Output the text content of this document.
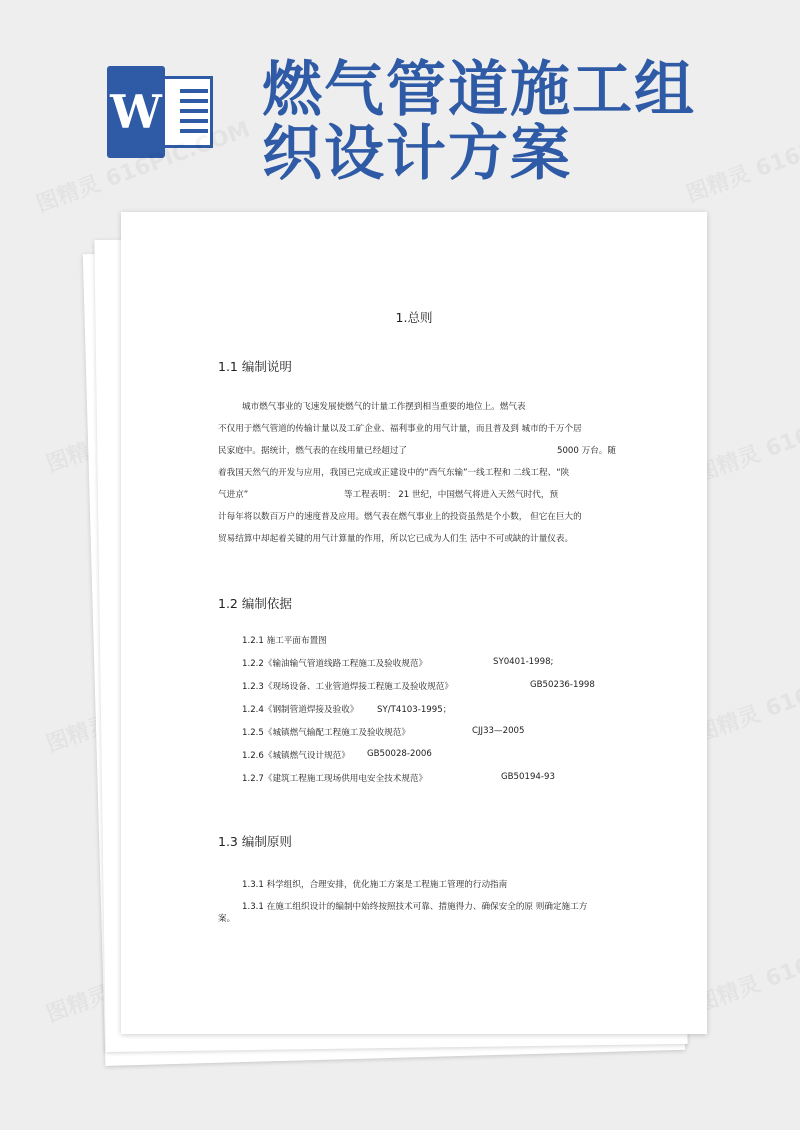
W 燃气管道施工组织设计方案
1.总则
1.1 编制说明
城市燃气事业的飞速发展使燃气的计量工作摆到相当重要的地位上。燃气表
不仅用于燃气管道的传输计量以及工矿企业、福利事业的用气计量，而且普及到 城市的千万个居
民家庭中。据统计，燃气表的在线用量已经超过了	5000 万台。随
着我国天然气的开发与应用，我国已完成或正建设中的“西气东输”一线工程和 二线工程、“陕
气进京”	等工程表明： 21 世纪，中国燃气将进入天然气时代，预
计每年将以数百万户的速度普及应用。燃气表在燃气事业上的投资虽然是个小数， 但它在巨大的
贸易结算中却起着关键的用气计算量的作用，所以它已成为人们生 活中不可或缺的计量仪表。
1.2 编制依据
1.2.1 施工平面布置图
1.2.2《输油输气管道线路工程施工及验收规范》	SY0401-1998;
1.2.3《现场设备、工业管道焊接工程施工及验收规范》	GB50236-1998
1.2.4《钢制管道焊接及验收》 SY/T4103-1995；
1.2.5《城镇燃气输配工程施工及验收规范》	CJJ33—2005
1.2.6《城镇燃气设计规范》 GB50028-2006
1.2.7《建筑工程施工现场供用电安全技术规范》	GB50194-93
1.3 编制原则
1.3.1 科学组织，合理安排，优化施工方案是工程施工管理的行动指南
1.3.1 在施工组织设计的编制中始终按照技术可靠、措施得力、确保安全的原 则确定施工方
案。
